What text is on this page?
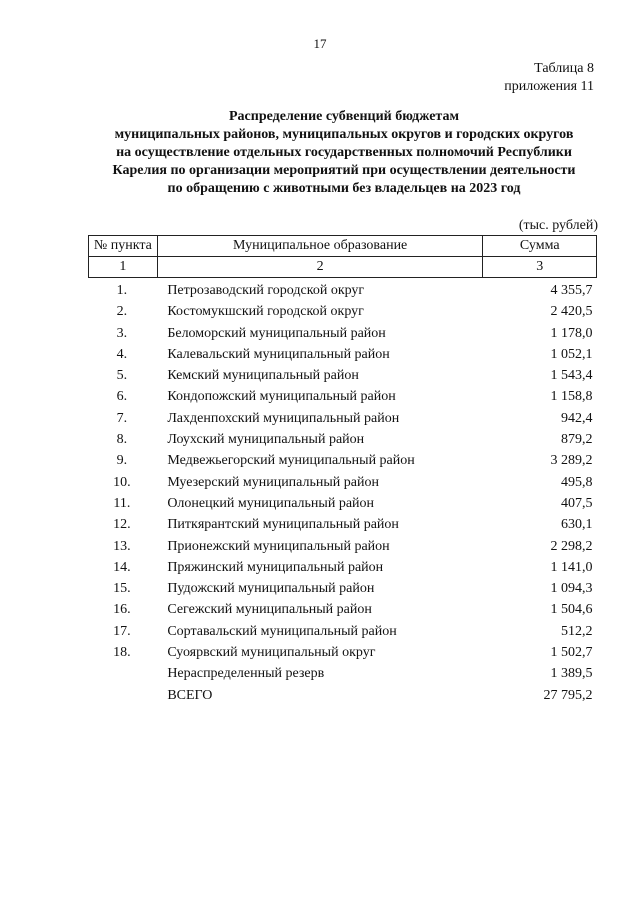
17
Таблица 8
приложения 11
Распределение субвенций бюджетам
муниципальных районов, муниципальных округов и городских округов
на осуществление отдельных государственных полномочий Республики
Карелия по организации мероприятий при осуществлении деятельности
по обращению с животными без владельцев на 2023 год
(тыс. рублей)
№ пункта	Муниципальное образование	Сумма
1	2	3
1.	Петрозаводский городской округ	4 355,7
2.	Костомукшский городской округ	2 420,5
3.	Беломорский муниципальный район	1 178,0
4.	Калевальский муниципальный район	1 052,1
5.	Кемский муниципальный район	1 543,4
6.	Кондопожский муниципальный район	1 158,8
7.	Лахденпохский муниципальный район	942,4
8.	Лоухский муниципальный район	879,2
9.	Медвежьегорский муниципальный район	3 289,2
10.	Муезерский муниципальный район	495,8
11.	Олонецкий муниципальный район	407,5
12.	Питкярантский муниципальный район	630,1
13.	Прионежский муниципальный район	2 298,2
14.	Пряжинский муниципальный район	1 141,0
15.	Пудожский муниципальный район	1 094,3
16.	Сегежский муниципальный район	1 504,6
17.	Сортавальский муниципальный район	512,2
18.	Суоярвский муниципальный округ	1 502,7
	Нераспределенный резерв	1 389,5
	ВСЕГО	27 795,2
